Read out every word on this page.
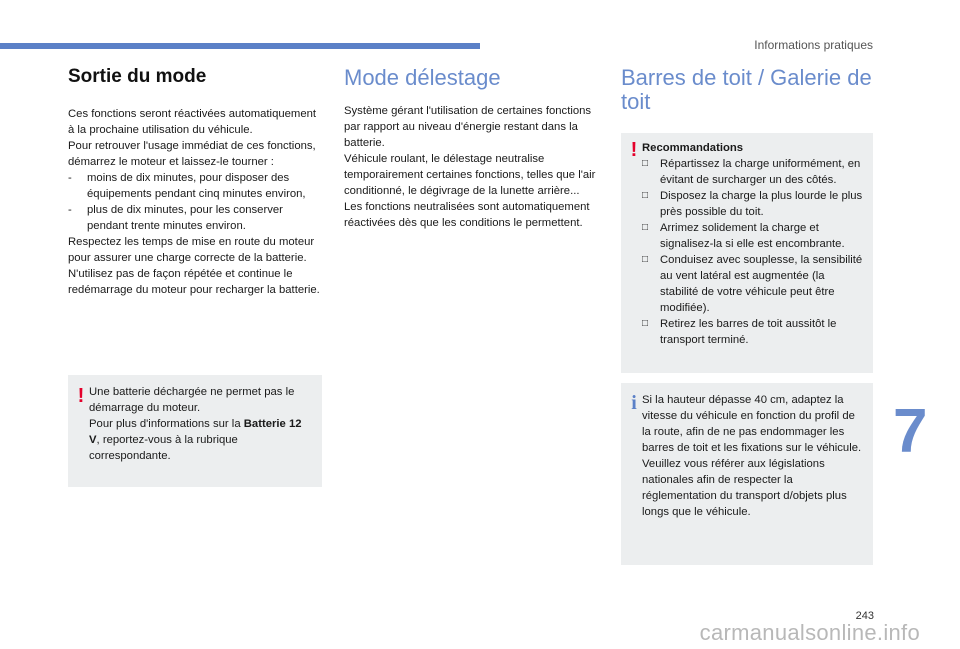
Informations pratiques
Sortie du mode

Ces fonctions seront réactivées automatiquement à la prochaine utilisation du véhicule.

Pour retrouver l'usage immédiat de ces fonctions, démarrez le moteur et laissez-le tourner :

- moins de dix minutes, pour disposer des équipements pendant cinq minutes environ,
- plus de dix minutes, pour les conserver pendant trente minutes environ.

Respectez les temps de mise en route du moteur pour assurer une charge correcte de la batterie.

N'utilisez pas de façon répétée et continue le redémarrage du moteur pour recharger la batterie.

! Une batterie déchargée ne permet pas le démarrage du moteur.

Pour plus d'informations sur la Batterie 12 V, reportez-vous à la rubrique correspondante.

Mode délestage

Système gérant l'utilisation de certaines fonctions par rapport au niveau d'énergie restant dans la batterie.

Véhicule roulant, le délestage neutralise temporairement certaines fonctions, telles que l'air conditionné, le dégivrage de la lunette arrière...

Les fonctions neutralisées sont automatiquement réactivées dès que les conditions le permettent.

Barres de toit / Galerie de toit
! Recommandations

□ Répartissez la charge uniformément, en évitant de surcharger un des côtés.
□ Disposez la charge la plus lourde le plus près possible du toit.
□ Arrimez solidement la charge et signalisez-la si elle est encombrante.
□ Conduisez avec souplesse, la sensibilité au vent latéral est augmentée (la stabilité de votre véhicule peut être modifiée).
□ Retirez les barres de toit aussitôt le transport terminé.
i Si la hauteur dépasse 40 cm, adaptez la vitesse du véhicule en fonction du profil de la route, afin de ne pas endommager les barres de toit et les fixations sur le véhicule.

Veuillez vous référer aux législations nationales afin de respecter la réglementation du transport d/objets plus longs que le véhicule.

7
243
carmanualsonline.info
